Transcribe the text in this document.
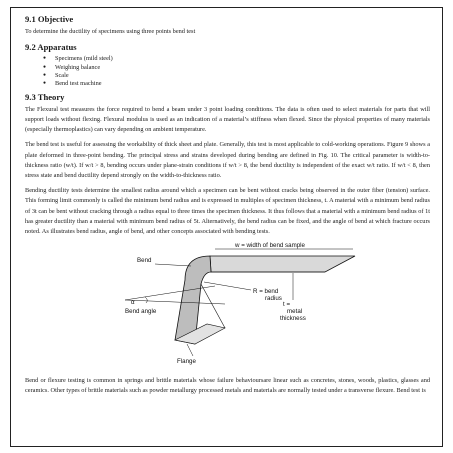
9.1 Objective
To determine the ductility of specimens using three points bend test
9.2 Apparatus
● Specimens (mild steel)
● Weighing balance
● Scale
● Bend test machine
9.3 Theory
The Flexural test measures the force required to bend a beam under 3 point loading conditions. The data is often used to select materials for parts that will support loads without flexing. Flexural modulus is used as an indication of a material’s stiffness when flexed. Since the physical properties of many materials (especially thermoplastics) can vary depending on ambient temperature.
The bend test is useful for assessing the workability of thick sheet and plate. Generally, this test is most applicable to cold-working operations. Figure 9 shows a plate deformed in three-point bending. The principal stress and strains developed during bending are defined in Fig. 10. The critical parameter is width-to-thickness ratio (w/t). If w/t > 8, bending occurs under plane-strain conditions if w/t > 8, the bend ductility is independent of the exact w/t ratio. If w/t < 8, then stress state and bend ductility depend strongly on the width-to-thickness ratio.
Bending ductility tests determine the smallest radius around which a specimen can be bent without cracks being observed in the outer fiber (tension) surface. This forming limit commonly is called the minimum bend radius and is expressed in multiples of specimen thickness, t. A material with a minimum bend radius of 3t can be bent without cracking through a radius equal to three times the specimen thickness. It thus follows that a material with a minimum bend radius of 1t has greater ductility than a material with minimum bend radius of 5t. Alternatively, the bend radius can be fixed, and the angle of bend at which fracture occurs noted. As illustrates bend radius, angle of bend, and other concepts associated with bending tests.
w = width of bend sample
Bend
α
Bend angle
R = bend
radius
t =
metal
thickness
Flange
Bend or flexure testing is common in springs and brittle materials whose failure behavioursare linear such as concretes, stones, woods, plastics, glasses and ceramics. Other types of brittle materials such as powder metallurgy processed metals and materials are normally tested under a transverse flexure. Bend test is
